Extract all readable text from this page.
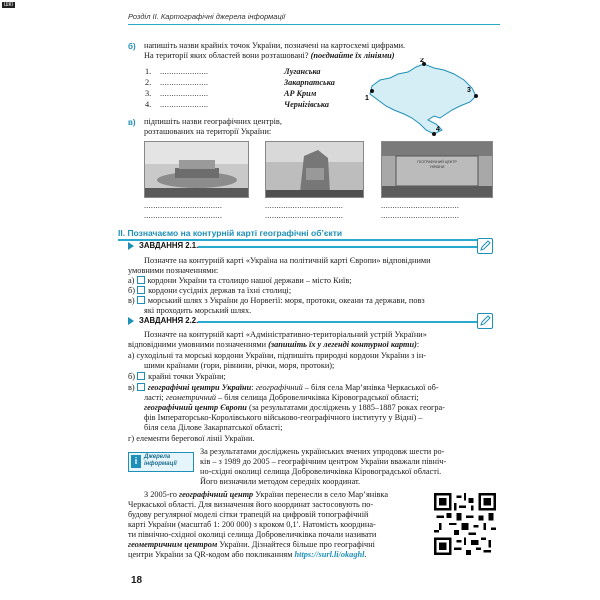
ШКІ
Розділ ІІ. Картографічні джерела інформації
б) напишіть назви крайніх точок України, позначені на картосхемі цифрами.
На території яких областей вони розташовані? (поєднайте їх лініями)
1. .....................	Луганська
2. .....................	Закарпатська
3. .....................	АР Крим
4. .....................	Чернігівська
1
2
3
4
в) підпишіть назви географічних центрів,
розташованих на території України:
ГЕОГРАФІЧНИЙ ЦЕНТР УКРАЇНИ
..................................	..................................	..................................
..................................	..................................	..................................
ІІ. Позначаємо на контурній карті географічні об’єкти
ЗАВДАННЯ 2.1.
Позначте на контурній карті «Україна на політичній карті Європи» відповідними
умовними позначеннями:
а) кордони України та столицю нашої держави – місто Київ;
б) кордони сусідніх держав та їхні столиці;
в) морський шлях з України до Норвегії: моря, протоки, океани та держави, повз
які проходить морський шлях.
ЗАВДАННЯ 2.2.
Позначте на контурній карті «Адміністративно-територіальний устрій України»
відповідними умовними позначеннями (запишіть їх у легенді контурної карти):
а) суходільні та морські кордони України, підпишіть природні кордони України з ін-
шими країнами (гори, рівнини, річки, моря, протоки);
б) крайні точки України;
в) географічні центри України: географічний – біля села Мар’янівка Черкаської об-
ласті; геометричний – біля селища Добровеличківка Кіровоградської області;
географічний центр Європи (за результатами досліджень у 1885–1887 роках геогра-
фів Імператорсько-Королівського військово-географічного інституту у Відні) –
біля села Ділове Закарпатської області;
г) елементи берегової лінії України.
і	Джерела
інформації
За результатами досліджень українських вчених упродовж шести ро-
ків – з 1989 до 2005 – географічним центром України вважали північ-
но-східні околиці селища Добровеличківка Кіровоградської області.
Його визначили методом середніх координат.
З 2005-го географічний центр України перенесли в село Мар’янівка
Черкаської області. Для визначення його координат застосовують по-
будову регулярної моделі сітки трапецій на цифровій топографічній
карті України (масштаб 1: 200 000) з кроком 0,1′. Натомість координа-
ти північно-східної околиці селища Добровеличківка почали називати
геометричним центром України. Дізнайтеся більше про географічні
центри України за QR-кодом або покликанням https://surl.li/okaghl.
18
